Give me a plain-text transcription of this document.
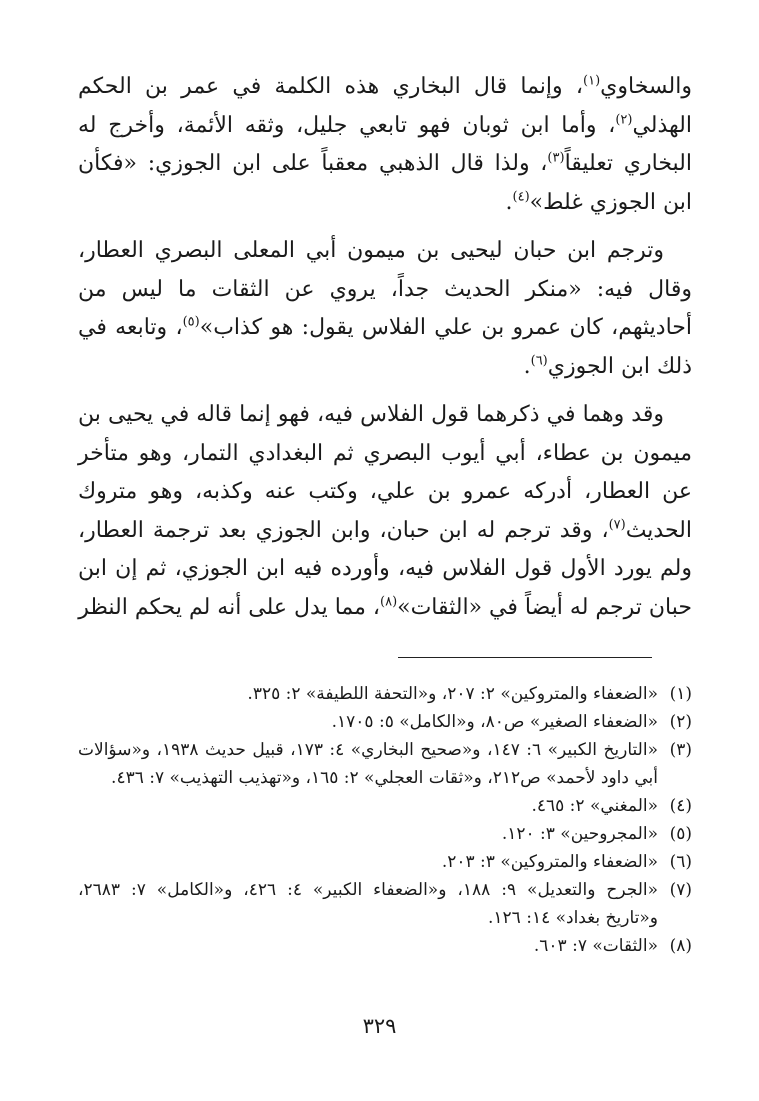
والسخاوي$^{(١)}$، وإنما قال البخاري هذه الكلمة في عمر بن الحكم الهذلي$^{(٢)}$، وأما ابن ثوبان فهو تابعي جليل، وثقه الأئمة، وأخرج له البخاري تعليقاً$^{(٣)}$، ولذا قال الذهبي معقباً على ابن الجوزي: «فكأن ابن الجوزي غلط»$^{(٤)}$.

وترجم ابن حبان ليحيى بن ميمون أبي المعلى البصري العطار، وقال فيه: «منكر الحديث جداً، يروي عن الثقات ما ليس من أحاديثهم، كان عمرو بن علي الفلاس يقول: هو كذاب»$^{(٥)}$، وتابعه في ذلك ابن الجوزي$^{(٦)}$.

وقد وهما في ذكرهما قول الفلاس فيه، فهو إنما قاله في يحيى بن ميمون بن عطاء، أبي أيوب البصري ثم البغدادي التمار، وهو متأخر عن العطار، أدركه عمرو بن علي، وكتب عنه وكذبه، وهو متروك الحديث$^{(٧)}$، وقد ترجم له ابن حبان، وابن الجوزي بعد ترجمة العطار، ولم يورد الأول قول الفلاس فيه، وأورده فيه ابن الجوزي، ثم إن ابن حبان ترجم له أيضاً في «الثقات»$^{(٨)}$، مما يدل على أنه لم يحكم النظر

(١)
«الضعفاء والمتروكين» ٢: ٢٠٧، و«التحفة اللطيفة» ٢: ٣٢٥.
(٢)
«الضعفاء الصغير» ص٨٠، و«الكامل» ٥: ١٧٠٥.
(٣)
«التاريخ الكبير» ٦: ١٤٧، و«صحيح البخاري» ٤: ١٧٣، قبيل حديث ١٩٣٨، و«سؤالات أبي داود لأحمد» ص٢١٢، و«ثقات العجلي» ٢: ١٦٥، و«تهذيب التهذيب» ٧: ٤٣٦.
(٤)
«المغني» ٢: ٤٦٥.
(٥)
«المجروحين» ٣: ١٢٠.
(٦)
«الضعفاء والمتروكين» ٣: ٢٠٣.
(٧)
«الجرح والتعديل» ٩: ١٨٨، و«الضعفاء الكبير» ٤: ٤٢٦، و«الكامل» ٧: ٢٦٨٣، و«تاريخ بغداد» ١٤: ١٢٦.
(٨)
«الثقات» ٧: ٦٠٣.
٣٢٩
